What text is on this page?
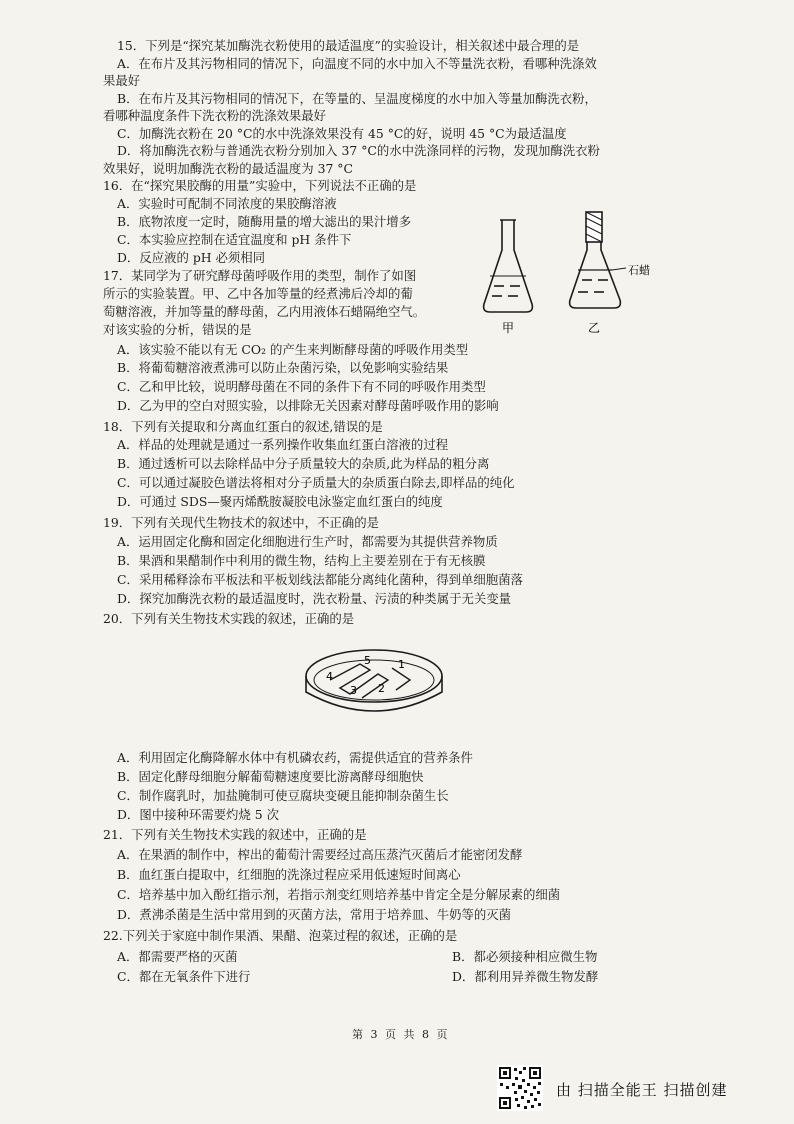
15．下列是“探究某加酶洗衣粉使用的最适温度”的实验设计，相关叙述中最合理的是
A．在布片及其污物相同的情况下，向温度不同的水中加入不等量洗衣粉，看哪种洗涤效
果最好
B．在布片及其污物相同的情况下，在等量的、呈温度梯度的水中加入等量加酶洗衣粉，
看哪种温度条件下洗衣粉的洗涤效果最好
C．加酶洗衣粉在 20 °C的水中洗涤效果没有 45 °C的好，说明 45 °C为最适温度
D．将加酶洗衣粉与普通洗衣粉分别加入 37 °C的水中洗涤同样的污物，发现加酶洗衣粉
效果好，说明加酶洗衣粉的最适温度为 37 °C
16．在“探究果胶酶的用量”实验中，下列说法不正确的是
A．实验时可配制不同浓度的果胶酶溶液
B．底物浓度一定时，随酶用量的增大滤出的果汁增多
C．本实验应控制在适宜温度和 pH 条件下
D．反应液的 pH 必须相同
17．某同学为了研究酵母菌呼吸作用的类型，制作了如图
所示的实验装置。甲、乙中各加等量的经煮沸后冷却的葡
萄糖溶液，并加等量的酵母菌，乙内用液体石蜡隔绝空气。
对该实验的分析，错误的是
A．该实验不能以有无 CO₂ 的产生来判断酵母菌的呼吸作用类型
B．将葡萄糖溶液煮沸可以防止杂菌污染，以免影响实验结果
C．乙和甲比较，说明酵母菌在不同的条件下有不同的呼吸作用类型
D．乙为甲的空白对照实验，以排除无关因素对酵母菌呼吸作用的影响
石蜡
甲	乙
18．下列有关提取和分离血红蛋白的叙述,错误的是
A．样品的处理就是通过一系列操作收集血红蛋白溶液的过程
B．通过透析可以去除样品中分子质量较大的杂质,此为样品的粗分离
C．可以通过凝胶色谱法将相对分子质量大的杂质蛋白除去,即样品的纯化
D．可通过 SDS—聚丙烯酰胺凝胶电泳鉴定血红蛋白的纯度
19．下列有关现代生物技术的叙述中，不正确的是
A．运用固定化酶和固定化细胞进行生产时，都需要为其提供营养物质
B．果酒和果醋制作中利用的微生物，结构上主要差别在于有无核膜
C．采用稀释涂布平板法和平板划线法都能分离纯化菌种，得到单细胞菌落
D．探究加酶洗衣粉的最适温度时，洗衣粉量、污渍的种类属于无关变量
20．下列有关生物技术实践的叙述，正确的是
1
2
3
4
5
A．利用固定化酶降解水体中有机磷农药，需提供适宜的营养条件
B．固定化酵母细胞分解葡萄糖速度要比游离酵母细胞快
C．制作腐乳时，加盐腌制可使豆腐块变硬且能抑制杂菌生长
D．图中接种环需要灼烧 5 次
21．下列有关生物技术实践的叙述中，正确的是
A．在果酒的制作中，榨出的葡萄汁需要经过高压蒸汽灭菌后才能密闭发酵
B．血红蛋白提取中，红细胞的洗涤过程应采用低速短时间离心
C．培养基中加入酚红指示剂，若指示剂变红则培养基中肯定全是分解尿素的细菌
D．煮沸杀菌是生活中常用到的灭菌方法，常用于培养皿、牛奶等的灭菌
22.下列关于家庭中制作果酒、果醋、泡菜过程的叙述，正确的是
A．都需要严格的灭菌	B．都必须接种相应微生物
C．都在无氧条件下进行	D．都利用异养微生物发酵
第 3 页 共 8 页
由 扫描全能王 扫描创建
